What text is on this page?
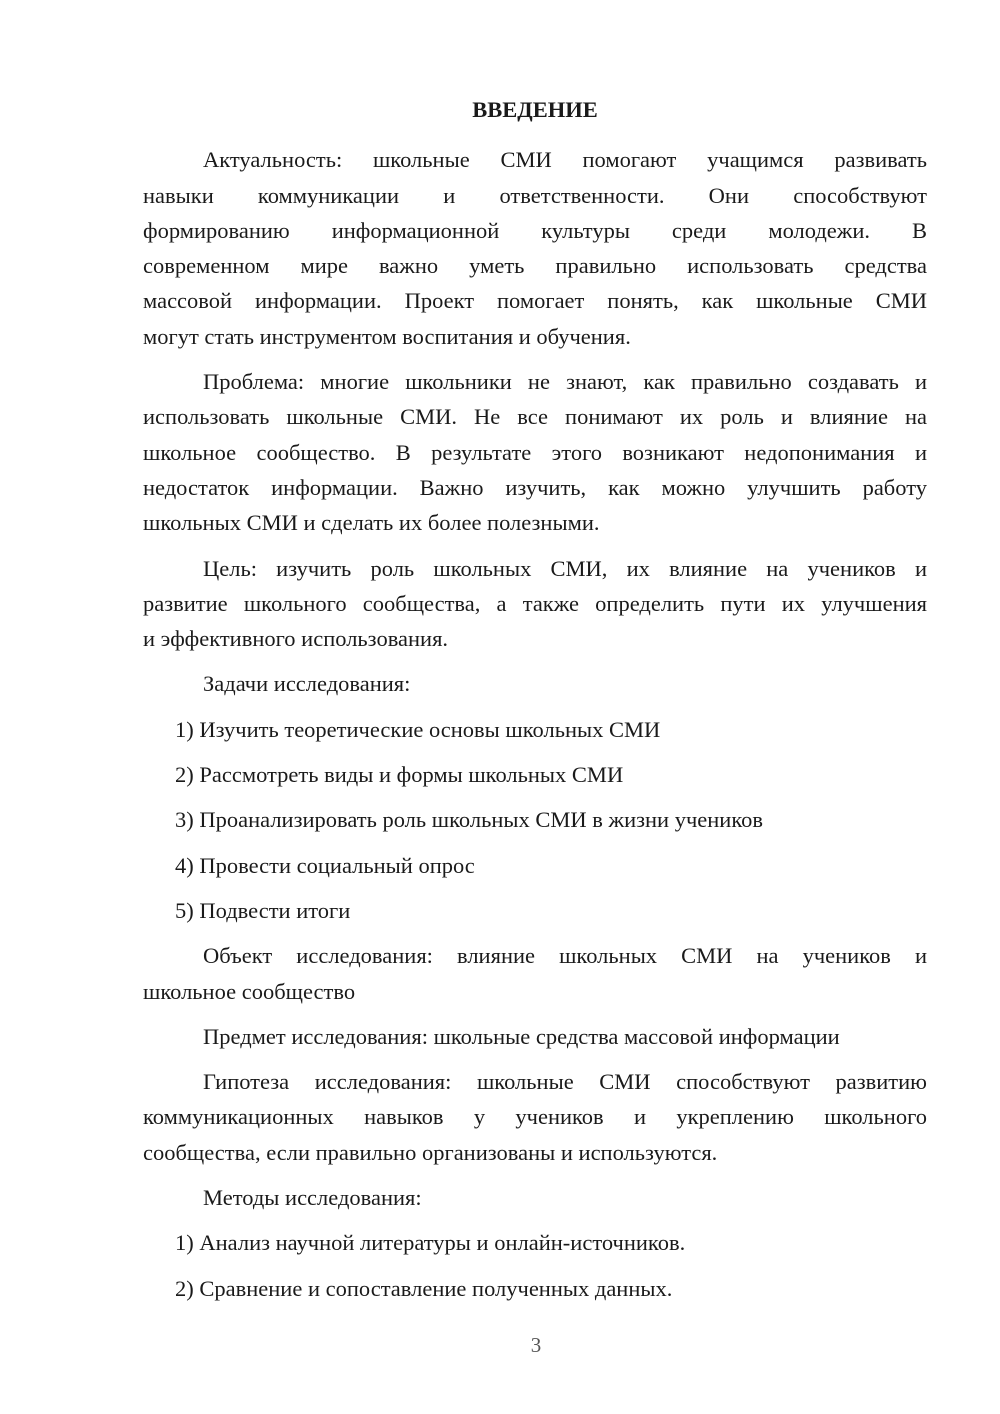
ВВЕДЕНИЕ
Актуальность: школьные СМИ помогают учащимся развивать
навыки коммуникации и ответственности. Они способствуют
формированию информационной культуры среди молодежи. В
современном мире важно уметь правильно использовать средства
массовой информации. Проект помогает понять, как школьные СМИ
могут стать инструментом воспитания и обучения.
Проблема: многие школьники не знают, как правильно создавать и
использовать школьные СМИ. Не все понимают их роль и влияние на
школьное сообщество. В результате этого возникают недопонимания и
недостаток информации. Важно изучить, как можно улучшить работу
школьных СМИ и сделать их более полезными.
Цель: изучить роль школьных СМИ, их влияние на учеников и
развитие школьного сообщества, а также определить пути их улучшения
и эффективного использования.
Задачи исследования:
1) Изучить теоретические основы школьных СМИ
2) Рассмотреть виды и формы школьных СМИ
3) Проанализировать роль школьных СМИ в жизни учеников
4) Провести социальный опрос
5) Подвести итоги
Объект исследования: влияние школьных СМИ на учеников и
школьное сообщество
Предмет исследования: школьные средства массовой информации
Гипотеза исследования: школьные СМИ способствуют развитию
коммуникационных навыков у учеников и укреплению школьного
сообщества, если правильно организованы и используются.
Методы исследования:
1) Анализ научной литературы и онлайн-источников.
2) Сравнение и сопоставление полученных данных.
3
